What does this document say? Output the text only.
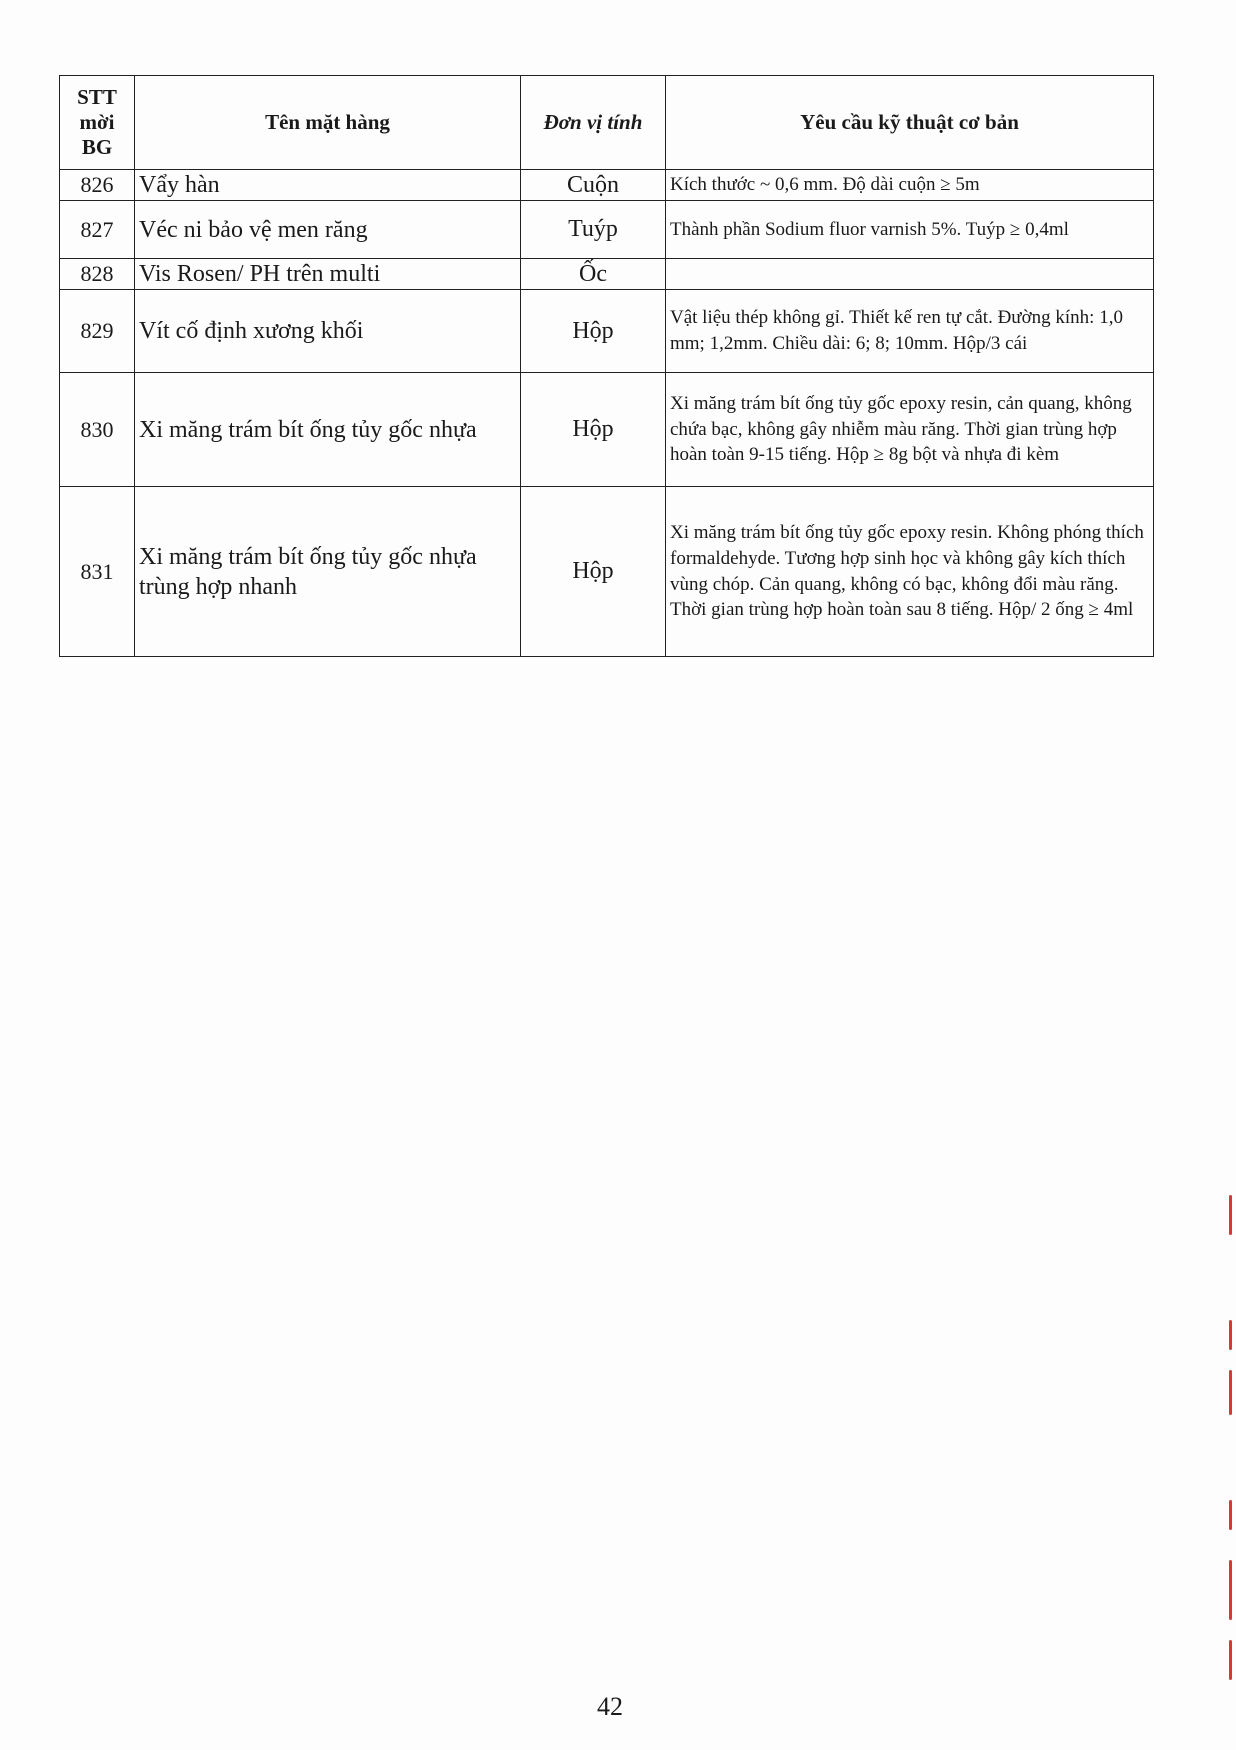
STT mời BG	Tên mặt hàng	Đơn vị tính	Yêu cầu kỹ thuật cơ bản
826	Vẩy hàn	Cuộn	Kích thước ~ 0,6 mm. Độ dài cuộn ≥ 5m
827	Véc ni bảo vệ men răng	Tuýp	Thành phần Sodium fluor varnish 5%. Tuýp ≥ 0,4ml
828	Vis Rosen/ PH trên multi	Ốc	
829	Vít cố định xương khối	Hộp	Vật liệu thép không gỉ. Thiết kế ren tự cắt. Đường kính: 1,0 mm; 1,2mm. Chiều dài: 6; 8; 10mm. Hộp/3 cái
830	Xi măng trám bít ống tủy gốc nhựa	Hộp	Xi măng trám bít ống tủy gốc epoxy resin, cản quang, không chứa bạc, không gây nhiễm màu răng. Thời gian trùng hợp hoàn toàn 9-15 tiếng. Hộp ≥ 8g bột và nhựa đi kèm
831	Xi măng trám bít ống tủy gốc nhựa trùng hợp nhanh	Hộp	Xi măng trám bít ống tủy gốc epoxy resin. Không phóng thích formaldehyde. Tương hợp sinh học và không gây kích thích vùng chóp. Cản quang, không có bạc, không đổi màu răng. Thời gian trùng hợp hoàn toàn sau 8 tiếng. Hộp/ 2 ống ≥ 4ml
42
